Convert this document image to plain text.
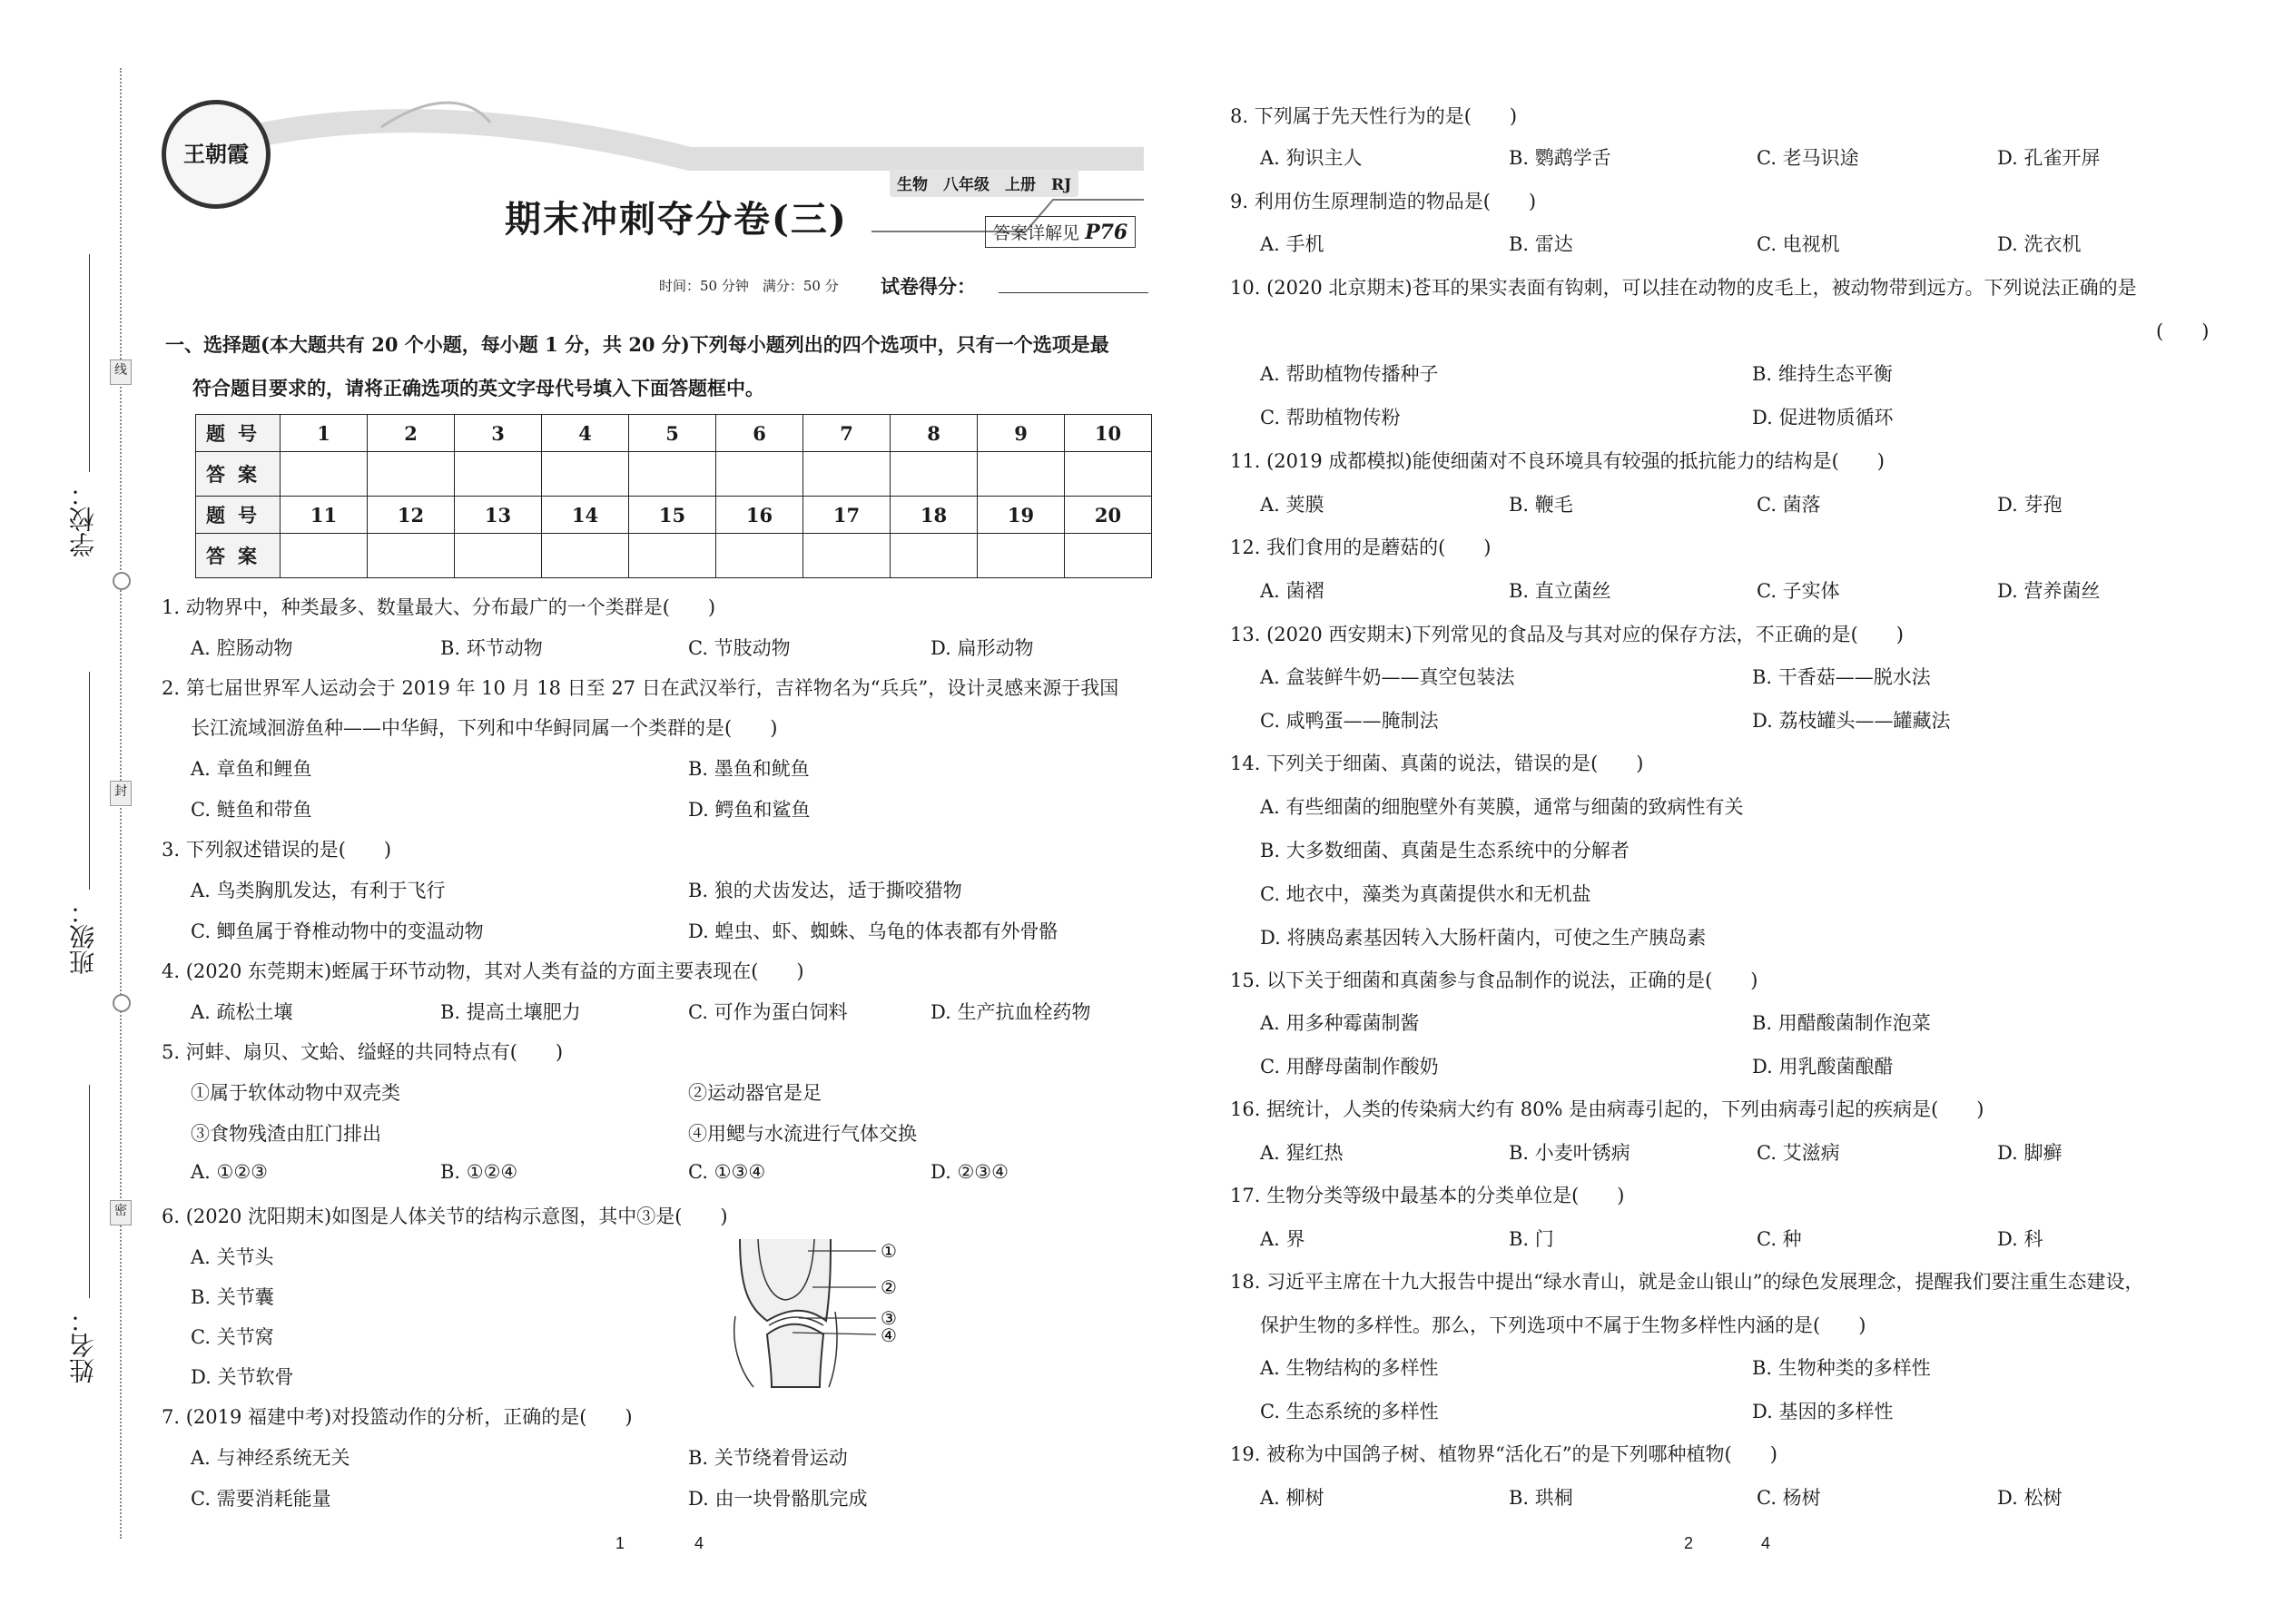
线
封
密
学校：
班级：
姓名：
王朝霞
期末冲刺夺分卷(三)
生物　八年级　上册　RJ
答案详解见 P76
时间：50 分钟　满分：50 分 试卷得分：
一、选择题(本大题共有 20 个小题，每小题 1 分，共 20 分)下列每小题列出的四个选项中，只有一个选项是最
符合题目要求的，请将正确选项的英文字母代号填入下面答题框中。
题号	1	2	3	4	5	6	7	8	9	10
答案										
题号	11	12	13	14	15	16	17	18	19	20
答案										
1. 动物界中，种类最多、数量最大、分布最广的一个类群是(　　)
A. 腔肠动物	B. 环节动物	C. 节肢动物	D. 扁形动物
2. 第七届世界军人运动会于 2019 年 10 月 18 日至 27 日在武汉举行，吉祥物名为“兵兵”，设计灵感来源于我国
长江流域洄游鱼种——中华鲟，下列和中华鲟同属一个类群的是(　　)
A. 章鱼和鲤鱼	B. 墨鱼和鱿鱼
C. 鲢鱼和带鱼	D. 鳄鱼和鲨鱼
3. 下列叙述错误的是(　　)
A. 鸟类胸肌发达，有利于飞行	B. 狼的犬齿发达，适于撕咬猎物
C. 鲫鱼属于脊椎动物中的变温动物	D. 蝗虫、虾、蜘蛛、乌龟的体表都有外骨骼
4. (2020 东莞期末)蛭属于环节动物，其对人类有益的方面主要表现在(　　)
A. 疏松土壤	B. 提高土壤肥力	C. 可作为蛋白饲料	D. 生产抗血栓药物
5. 河蚌、扇贝、文蛤、缢蛏的共同特点有(　　)
①属于软体动物中双壳类	②运动器官是足
③食物残渣由肛门排出	④用鳃与水流进行气体交换
A. ①②③	B. ①②④	C. ①③④	D. ②③④
6. (2020 沈阳期末)如图是人体关节的结构示意图，其中③是(　　)
A. 关节头
B. 关节囊
C. 关节窝
D. 关节软骨
①
②
③
④
7. (2019 福建中考)对投篮动作的分析，正确的是(　　)
A. 与神经系统无关	B. 关节绕着骨运动
C. 需要消耗能量	D. 由一块骨骼肌完成
1	4
8. 下列属于先天性行为的是(　　)
A. 狗识主人	B. 鹦鹉学舌	C. 老马识途	D. 孔雀开屏
9. 利用仿生原理制造的物品是(　　)
A. 手机	B. 雷达	C. 电视机	D. 洗衣机
10. (2020 北京期末)苍耳的果实表面有钩刺，可以挂在动物的皮毛上，被动物带到远方。下列说法正确的是
(　　)
A. 帮助植物传播种子	B. 维持生态平衡
C. 帮助植物传粉	D. 促进物质循环
11. (2019 成都模拟)能使细菌对不良环境具有较强的抵抗能力的结构是(　　)
A. 荚膜	B. 鞭毛	C. 菌落	D. 芽孢
12. 我们食用的是蘑菇的(　　)
A. 菌褶	B. 直立菌丝	C. 子实体	D. 营养菌丝
13. (2020 西安期末)下列常见的食品及与其对应的保存方法，不正确的是(　　)
A. 盒装鲜牛奶——真空包装法	B. 干香菇——脱水法
C. 咸鸭蛋——腌制法	D. 荔枝罐头——罐藏法
14. 下列关于细菌、真菌的说法，错误的是(　　)
A. 有些细菌的细胞壁外有荚膜，通常与细菌的致病性有关
B. 大多数细菌、真菌是生态系统中的分解者
C. 地衣中，藻类为真菌提供水和无机盐
D. 将胰岛素基因转入大肠杆菌内，可使之生产胰岛素
15. 以下关于细菌和真菌参与食品制作的说法，正确的是(　　)
A. 用多种霉菌制酱	B. 用醋酸菌制作泡菜
C. 用酵母菌制作酸奶	D. 用乳酸菌酿醋
16. 据统计，人类的传染病大约有 80% 是由病毒引起的，下列由病毒引起的疾病是(　　)
A. 猩红热	B. 小麦叶锈病	C. 艾滋病	D. 脚癣
17. 生物分类等级中最基本的分类单位是(　　)
A. 界	B. 门	C. 种	D. 科
18. 习近平主席在十九大报告中提出“绿水青山，就是金山银山”的绿色发展理念，提醒我们要注重生态建设，
保护生物的多样性。那么，下列选项中不属于生物多样性内涵的是(　　)
A. 生物结构的多样性	B. 生物种类的多样性
C. 生态系统的多样性	D. 基因的多样性
19. 被称为中国鸽子树、植物界“活化石”的是下列哪种植物(　　)
A. 柳树	B. 珙桐	C. 杨树	D. 松树
2	4
